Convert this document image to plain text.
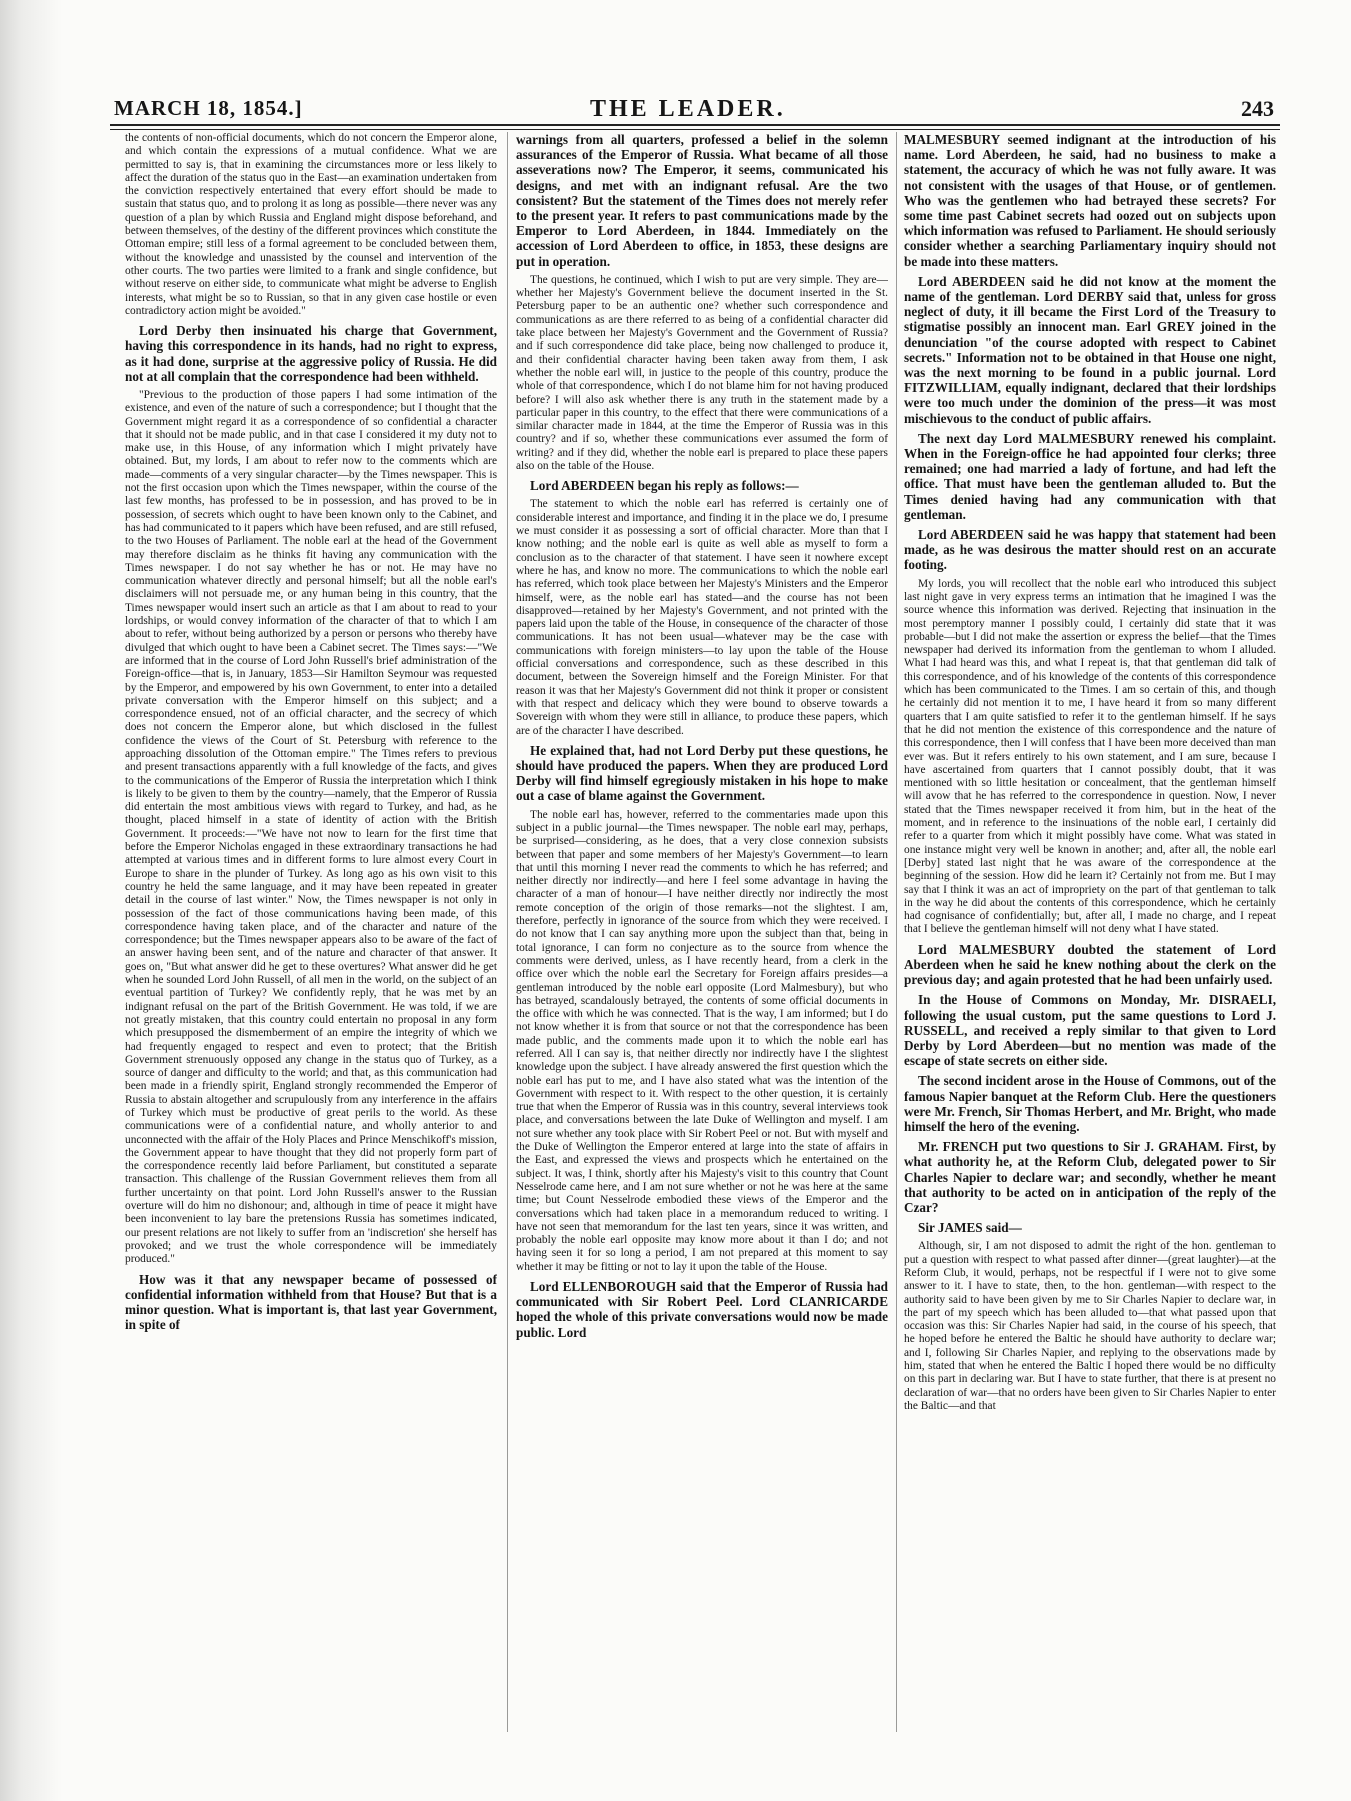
MARCH 18, 1854.]	THE LEADER.	243

the contents of non-official documents, which do not concern the Emperor alone, and which contain the expressions of a mutual confidence. What we are permitted to say is, that in examining the circumstances more or less likely to affect the duration of the status quo in the East—an examination undertaken from the conviction respectively entertained that every effort should be made to sustain that status quo, and to prolong it as long as possible—there never was any question of a plan by which Russia and England might dispose beforehand, and between themselves, of the destiny of the different provinces which constitute the Ottoman empire; still less of a formal agreement to be concluded between them, without the knowledge and unassisted by the counsel and intervention of the other courts. The two parties were limited to a frank and single confidence, but without reserve on either side, to communicate what might be adverse to English interests, what might be so to Russian, so that in any given case hostile or even contradictory action might be avoided."

Lord Derby then insinuated his charge that Government, having this correspondence in its hands, had no right to express, as it had done, surprise at the aggressive policy of Russia. He did not at all complain that the correspondence had been withheld.

"Previous to the production of those papers I had some intimation of the existence, and even of the nature of such a correspondence; but I thought that the Government might regard it as a correspondence of so confidential a character that it should not be made public, and in that case I considered it my duty not to make use, in this House, of any information which I might privately have obtained. But, my lords, I am about to refer now to the comments which are made—comments of a very singular character—by the Times newspaper. This is not the first occasion upon which the Times newspaper, within the course of the last few months, has professed to be in possession, and has proved to be in possession, of secrets which ought to have been known only to the Cabinet, and has had communicated to it papers which have been refused, and are still refused, to the two Houses of Parliament. The noble earl at the head of the Government may therefore disclaim as he thinks fit having any communication with the Times newspaper. I do not say whether he has or not. He may have no communication whatever directly and personal himself; but all the noble earl's disclaimers will not persuade me, or any human being in this country, that the Times newspaper would insert such an article as that I am about to read to your lordships, or would convey information of the character of that to which I am about to refer, without being authorized by a person or persons who thereby have divulged that which ought to have been a Cabinet secret. The Times says:—"We are informed that in the course of Lord John Russell's brief administration of the Foreign-office—that is, in January, 1853—Sir Hamilton Seymour was requested by the Emperor, and empowered by his own Government, to enter into a detailed private conversation with the Emperor himself on this subject; and a correspondence ensued, not of an official character, and the secrecy of which does not concern the Emperor alone, but which disclosed in the fullest confidence the views of the Court of St. Petersburg with reference to the approaching dissolution of the Ottoman empire." The Times refers to previous and present transactions apparently with a full knowledge of the facts, and gives to the communications of the Emperor of Russia the interpretation which I think is likely to be given to them by the country—namely, that the Emperor of Russia did entertain the most ambitious views with regard to Turkey, and had, as he thought, placed himself in a state of identity of action with the British Government. It proceeds:—"We have not now to learn for the first time that before the Emperor Nicholas engaged in these extraordinary transactions he had attempted at various times and in different forms to lure almost every Court in Europe to share in the plunder of Turkey. As long ago as his own visit to this country he held the same language, and it may have been repeated in greater detail in the course of last winter." Now, the Times newspaper is not only in possession of the fact of those communications having been made, of this correspondence having taken place, and of the character and nature of the correspondence; but the Times newspaper appears also to be aware of the fact of an answer having been sent, and of the nature and character of that answer. It goes on, "But what answer did he get to these overtures? What answer did he get when he sounded Lord John Russell, of all men in the world, on the subject of an eventual partition of Turkey? We confidently reply, that he was met by an indignant refusal on the part of the British Government. He was told, if we are not greatly mistaken, that this country could entertain no proposal in any form which presupposed the dismemberment of an empire the integrity of which we had frequently engaged to respect and even to protect; that the British Government strenuously opposed any change in the status quo of Turkey, as a source of danger and difficulty to the world; and that, as this communication had been made in a friendly spirit, England strongly recommended the Emperor of Russia to abstain altogether and scrupulously from any interference in the affairs of Turkey which must be productive of great perils to the world. As these communications were of a confidential nature, and wholly anterior to and unconnected with the affair of the Holy Places and Prince Menschikoff's mission, the Government appear to have thought that they did not properly form part of the correspondence recently laid before Parliament, but constituted a separate transaction. This challenge of the Russian Government relieves them from all further uncertainty on that point. Lord John Russell's answer to the Russian overture will do him no dishonour; and, although in time of peace it might have been inconvenient to lay bare the pretensions Russia has sometimes indicated, our present relations are not likely to suffer from an 'indiscretion' she herself has provoked; and we trust the whole correspondence will be immediately produced."

How was it that any newspaper became of possessed of confidential information withheld from that House? But that is a minor question. What is important is, that last year Government, in spite of

warnings from all quarters, professed a belief in the solemn assurances of the Emperor of Russia. What became of all those asseverations now? The Emperor, it seems, communicated his designs, and met with an indignant refusal. Are the two consistent? But the statement of the Times does not merely refer to the present year. It refers to past communications made by the Emperor to Lord Aberdeen, in 1844. Immediately on the accession of Lord Aberdeen to office, in 1853, these designs are put in operation.

The questions, he continued, which I wish to put are very simple. They are—whether her Majesty's Government believe the document inserted in the St. Petersburg paper to be an authentic one? whether such correspondence and communications as are there referred to as being of a confidential character did take place between her Majesty's Government and the Government of Russia? and if such correspondence did take place, being now challenged to produce it, and their confidential character having been taken away from them, I ask whether the noble earl will, in justice to the people of this country, produce the whole of that correspondence, which I do not blame him for not having produced before? I will also ask whether there is any truth in the statement made by a particular paper in this country, to the effect that there were communications of a similar character made in 1844, at the time the Emperor of Russia was in this country? and if so, whether these communications ever assumed the form of writing? and if they did, whether the noble earl is prepared to place these papers also on the table of the House.

Lord ABERDEEN began his reply as follows:—

The statement to which the noble earl has referred is certainly one of considerable interest and importance, and finding it in the place we do, I presume we must consider it as possessing a sort of official character. More than that I know nothing; and the noble earl is quite as well able as myself to form a conclusion as to the character of that statement. I have seen it nowhere except where he has, and know no more. The communications to which the noble earl has referred, which took place between her Majesty's Ministers and the Emperor himself, were, as the noble earl has stated—and the course has not been disapproved—retained by her Majesty's Government, and not printed with the papers laid upon the table of the House, in consequence of the character of those communications. It has not been usual—whatever may be the case with communications with foreign ministers—to lay upon the table of the House official conversations and correspondence, such as these described in this document, between the Sovereign himself and the Foreign Minister. For that reason it was that her Majesty's Government did not think it proper or consistent with that respect and delicacy which they were bound to observe towards a Sovereign with whom they were still in alliance, to produce these papers, which are of the character I have described.

He explained that, had not Lord Derby put these questions, he should have produced the papers. When they are produced Lord Derby will find himself egregiously mistaken in his hope to make out a case of blame against the Government.

The noble earl has, however, referred to the commentaries made upon this subject in a public journal—the Times newspaper. The noble earl may, perhaps, be surprised—considering, as he does, that a very close connexion subsists between that paper and some members of her Majesty's Government—to learn that until this morning I never read the comments to which he has referred; and neither directly nor indirectly—and here I feel some advantage in having the character of a man of honour—I have neither directly nor indirectly the most remote conception of the origin of those remarks—not the slightest. I am, therefore, perfectly in ignorance of the source from which they were received. I do not know that I can say anything more upon the subject than that, being in total ignorance, I can form no conjecture as to the source from whence the comments were derived, unless, as I have recently heard, from a clerk in the office over which the noble earl the Secretary for Foreign affairs presides—a gentleman introduced by the noble earl opposite (Lord Malmesbury), but who has betrayed, scandalously betrayed, the contents of some official documents in the office with which he was connected. That is the way, I am informed; but I do not know whether it is from that source or not that the correspondence has been made public, and the comments made upon it to which the noble earl has referred. All I can say is, that neither directly nor indirectly have I the slightest knowledge upon the subject. I have already answered the first question which the noble earl has put to me, and I have also stated what was the intention of the Government with respect to it. With respect to the other question, it is certainly true that when the Emperor of Russia was in this country, several interviews took place, and conversations between the late Duke of Wellington and myself. I am not sure whether any took place with Sir Robert Peel or not. But with myself and the Duke of Wellington the Emperor entered at large into the state of affairs in the East, and expressed the views and prospects which he entertained on the subject. It was, I think, shortly after his Majesty's visit to this country that Count Nesselrode came here, and I am not sure whether or not he was here at the same time; but Count Nesselrode embodied these views of the Emperor and the conversations which had taken place in a memorandum reduced to writing. I have not seen that memorandum for the last ten years, since it was written, and probably the noble earl opposite may know more about it than I do; and not having seen it for so long a period, I am not prepared at this moment to say whether it may be fitting or not to lay it upon the table of the House.

Lord ELLENBOROUGH said that the Emperor of Russia had communicated with Sir Robert Peel. Lord CLANRICARDE hoped the whole of this private conversations would now be made public. Lord

MALMESBURY seemed indignant at the introduction of his name. Lord Aberdeen, he said, had no business to make a statement, the accuracy of which he was not fully aware. It was not consistent with the usages of that House, or of gentlemen. Who was the gentlemen who had betrayed these secrets? For some time past Cabinet secrets had oozed out on subjects upon which information was refused to Parliament. He should seriously consider whether a searching Parliamentary inquiry should not be made into these matters.

Lord ABERDEEN said he did not know at the moment the name of the gentleman. Lord DERBY said that, unless for gross neglect of duty, it ill became the First Lord of the Treasury to stigmatise possibly an innocent man. Earl GREY joined in the denunciation "of the course adopted with respect to Cabinet secrets." Information not to be obtained in that House one night, was the next morning to be found in a public journal. Lord FITZWILLIAM, equally indignant, declared that their lordships were too much under the dominion of the press—it was most mischievous to the conduct of public affairs.

The next day Lord MALMESBURY renewed his complaint. When in the Foreign-office he had appointed four clerks; three remained; one had married a lady of fortune, and had left the office. That must have been the gentleman alluded to. But the Times denied having had any communication with that gentleman.

Lord ABERDEEN said he was happy that statement had been made, as he was desirous the matter should rest on an accurate footing.

My lords, you will recollect that the noble earl who introduced this subject last night gave in very express terms an intimation that he imagined I was the source whence this information was derived. Rejecting that insinuation in the most peremptory manner I possibly could, I certainly did state that it was probable—but I did not make the assertion or express the belief—that the Times newspaper had derived its information from the gentleman to whom I alluded. What I had heard was this, and what I repeat is, that that gentleman did talk of this correspondence, and of his knowledge of the contents of this correspondence which has been communicated to the Times. I am so certain of this, and though he certainly did not mention it to me, I have heard it from so many different quarters that I am quite satisfied to refer it to the gentleman himself. If he says that he did not mention the existence of this correspondence and the nature of this correspondence, then I will confess that I have been more deceived than man ever was. But it refers entirely to his own statement, and I am sure, because I have ascertained from quarters that I cannot possibly doubt, that it was mentioned with so little hesitation or concealment, that the gentleman himself will avow that he has referred to the correspondence in question. Now, I never stated that the Times newspaper received it from him, but in the heat of the moment, and in reference to the insinuations of the noble earl, I certainly did refer to a quarter from which it might possibly have come. What was stated in one instance might very well be known in another; and, after all, the noble earl [Derby] stated last night that he was aware of the correspondence at the beginning of the session. How did he learn it? Certainly not from me. But I may say that I think it was an act of impropriety on the part of that gentleman to talk in the way he did about the contents of this correspondence, which he certainly had cognisance of confidentially; but, after all, I made no charge, and I repeat that I believe the gentleman himself will not deny what I have stated.

Lord MALMESBURY doubted the statement of Lord Aberdeen when he said he knew nothing about the clerk on the previous day; and again protested that he had been unfairly used.

In the House of Commons on Monday, Mr. DISRAELI, following the usual custom, put the same questions to Lord J. RUSSELL, and received a reply similar to that given to Lord Derby by Lord Aberdeen—but no mention was made of the escape of state secrets on either side.

The second incident arose in the House of Commons, out of the famous Napier banquet at the Reform Club. Here the questioners were Mr. French, Sir Thomas Herbert, and Mr. Bright, who made himself the hero of the evening.

Mr. FRENCH put two questions to Sir J. GRAHAM. First, by what authority he, at the Reform Club, delegated power to Sir Charles Napier to declare war; and secondly, whether he meant that authority to be acted on in anticipation of the reply of the Czar?

Sir JAMES said—

Although, sir, I am not disposed to admit the right of the hon. gentleman to put a question with respect to what passed after dinner—(great laughter)—at the Reform Club, it would, perhaps, not be respectful if I were not to give some answer to it. I have to state, then, to the hon. gentleman—with respect to the authority said to have been given by me to Sir Charles Napier to declare war, in the part of my speech which has been alluded to—that what passed upon that occasion was this: Sir Charles Napier had said, in the course of his speech, that he hoped before he entered the Baltic he should have authority to declare war; and I, following Sir Charles Napier, and replying to the observations made by him, stated that when he entered the Baltic I hoped there would be no difficulty on this part in declaring war. But I have to state further, that there is at present no declaration of war—that no orders have been given to Sir Charles Napier to enter the Baltic—and that
